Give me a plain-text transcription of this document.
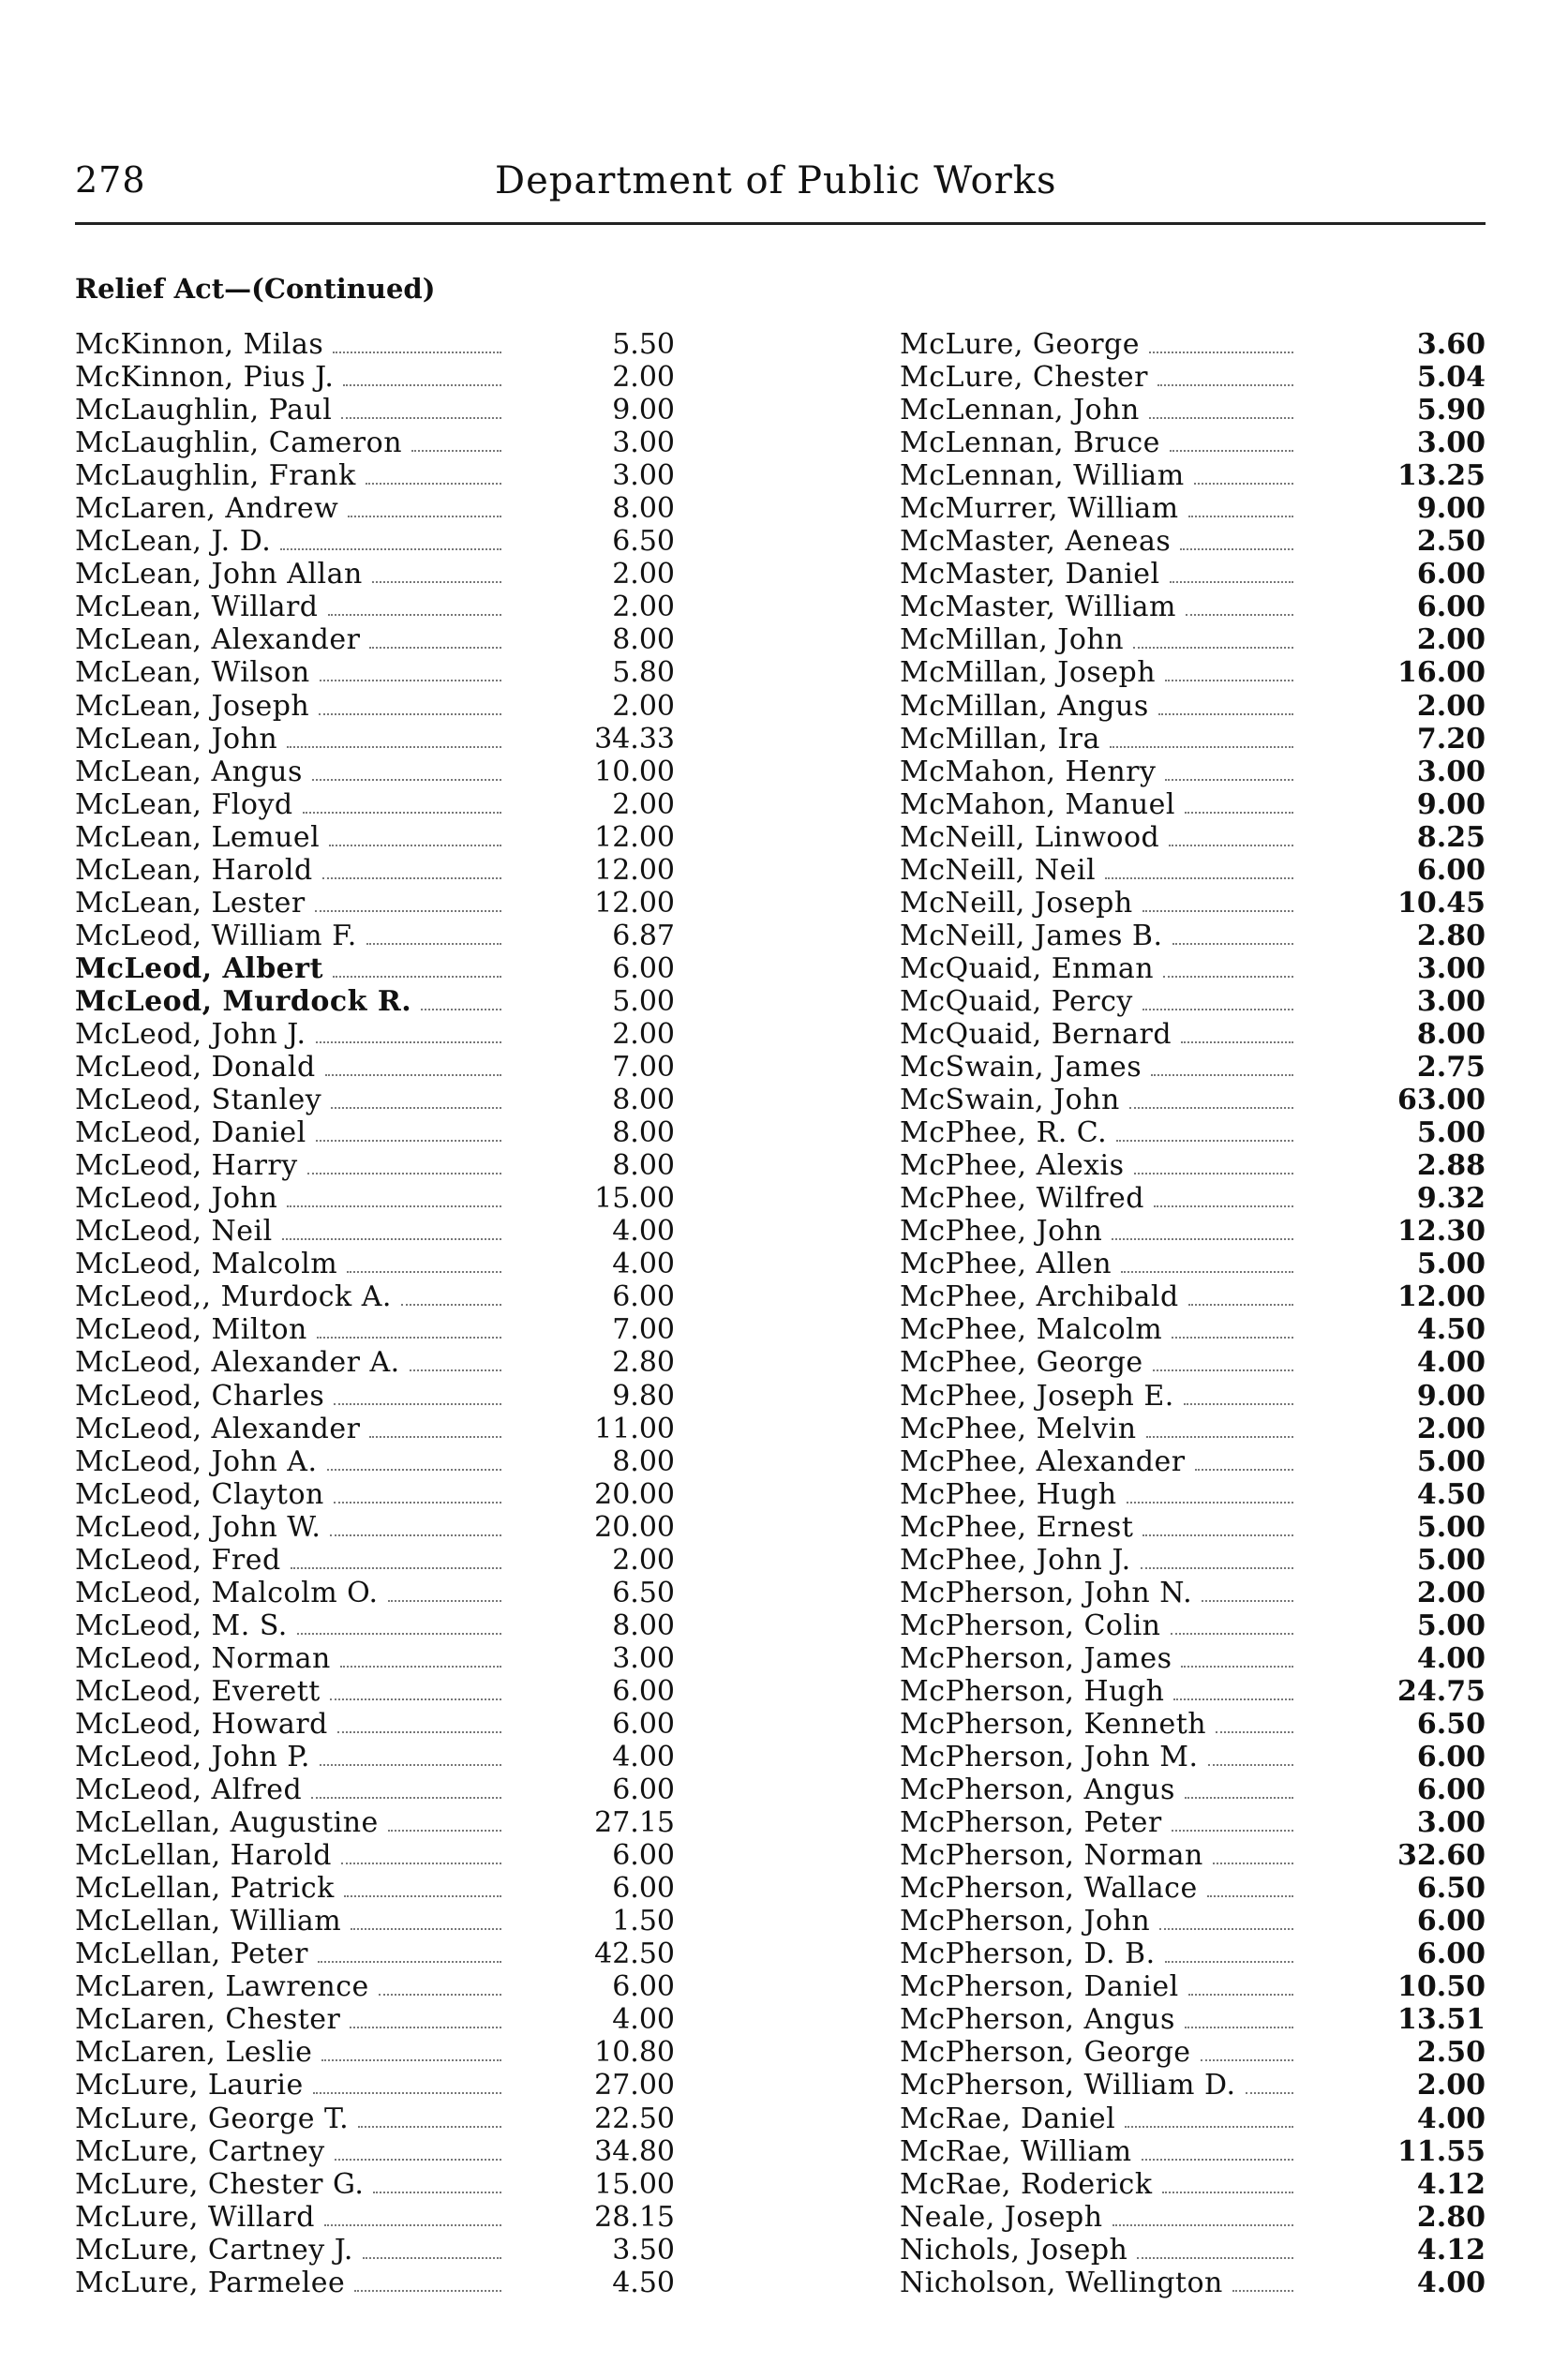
278	Department of Public Works
Relief Act—(Continued)
McKinnon, Milas	5.50
McKinnon, Pius J.	2.00
McLaughlin, Paul	9.00
McLaughlin, Cameron	3.00
McLaughlin, Frank	3.00
McLaren, Andrew	8.00
McLean, J. D.	6.50
McLean, John Allan	2.00
McLean, Willard	2.00
McLean, Alexander	8.00
McLean, Wilson	5.80
McLean, Joseph	2.00
McLean, John	34.33
McLean, Angus	10.00
McLean, Floyd	2.00
McLean, Lemuel	12.00
McLean, Harold	12.00
McLean, Lester	12.00
McLeod, William F.	6.87
McLeod, Albert	6.00
McLeod, Murdock R.	5.00
McLeod, John J.	2.00
McLeod, Donald	7.00
McLeod, Stanley	8.00
McLeod, Daniel	8.00
McLeod, Harry	8.00
McLeod, John	15.00
McLeod, Neil	4.00
McLeod, Malcolm	4.00
McLeod,, Murdock A.	6.00
McLeod, Milton	7.00
McLeod, Alexander A.	2.80
McLeod, Charles	9.80
McLeod, Alexander	11.00
McLeod, John A.	8.00
McLeod, Clayton	20.00
McLeod, John W.	20.00
McLeod, Fred	2.00
McLeod, Malcolm O.	6.50
McLeod, M. S.	8.00
McLeod, Norman	3.00
McLeod, Everett	6.00
McLeod, Howard	6.00
McLeod, John P.	4.00
McLeod, Alfred	6.00
McLellan, Augustine	27.15
McLellan, Harold	6.00
McLellan, Patrick	6.00
McLellan, William	1.50
McLellan, Peter	42.50
McLaren, Lawrence	6.00
McLaren, Chester	4.00
McLaren, Leslie	10.80
McLure, Laurie	27.00
McLure, George T.	22.50
McLure, Cartney	34.80
McLure, Chester G.	15.00
McLure, Willard	28.15
McLure, Cartney J.	3.50
McLure, Parmelee	4.50
McLure, George	3.60
McLure, Chester	5.04
McLennan, John	5.90
McLennan, Bruce	3.00
McLennan, William	13.25
McMurrer, William	9.00
McMaster, Aeneas	2.50
McMaster, Daniel	6.00
McMaster, William	6.00
McMillan, John	2.00
McMillan, Joseph	16.00
McMillan, Angus	2.00
McMillan, Ira	7.20
McMahon, Henry	3.00
McMahon, Manuel	9.00
McNeill, Linwood	8.25
McNeill, Neil	6.00
McNeill, Joseph	10.45
McNeill, James B.	2.80
McQuaid, Enman	3.00
McQuaid, Percy	3.00
McQuaid, Bernard	8.00
McSwain, James	2.75
McSwain, John	63.00
McPhee, R. C.	5.00
McPhee, Alexis	2.88
McPhee, Wilfred	9.32
McPhee, John	12.30
McPhee, Allen	5.00
McPhee, Archibald	12.00
McPhee, Malcolm	4.50
McPhee, George	4.00
McPhee, Joseph E.	9.00
McPhee, Melvin	2.00
McPhee, Alexander	5.00
McPhee, Hugh	4.50
McPhee, Ernest	5.00
McPhee, John J.	5.00
McPherson, John N.	2.00
McPherson, Colin	5.00
McPherson, James	4.00
McPherson, Hugh	24.75
McPherson, Kenneth	6.50
McPherson, John M.	6.00
McPherson, Angus	6.00
McPherson, Peter	3.00
McPherson, Norman	32.60
McPherson, Wallace	6.50
McPherson, John	6.00
McPherson, D. B.	6.00
McPherson, Daniel	10.50
McPherson, Angus	13.51
McPherson, George	2.50
McPherson, William D.	2.00
McRae, Daniel	4.00
McRae, William	11.55
McRae, Roderick	4.12
Neale, Joseph	2.80
Nichols, Joseph	4.12
Nicholson, Wellington	4.00
